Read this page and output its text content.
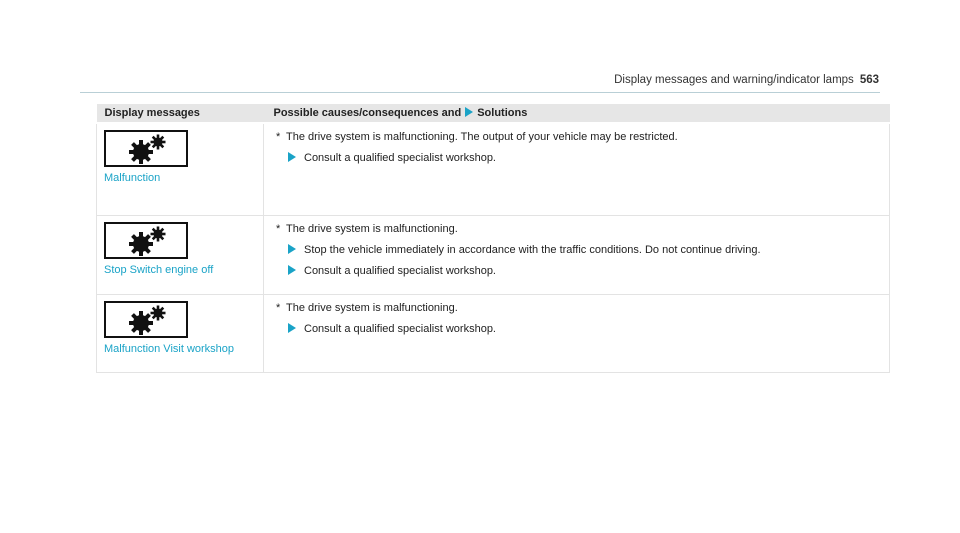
Display messages and warning/indicator lamps 563
Display messages	Possible causes/consequences and Solutions

Malfunction	* The drive system is malfunctioning. The output of your vehicle may be restricted.
Consult a qualified specialist workshop.

Stop Switch engine off	* The drive system is malfunctioning.
Stop the vehicle immediately in accordance with the traffic conditions. Do not continue driving.
Consult a qualified specialist workshop.

Malfunction Visit workshop	* The drive system is malfunctioning.
Consult a qualified specialist workshop.
